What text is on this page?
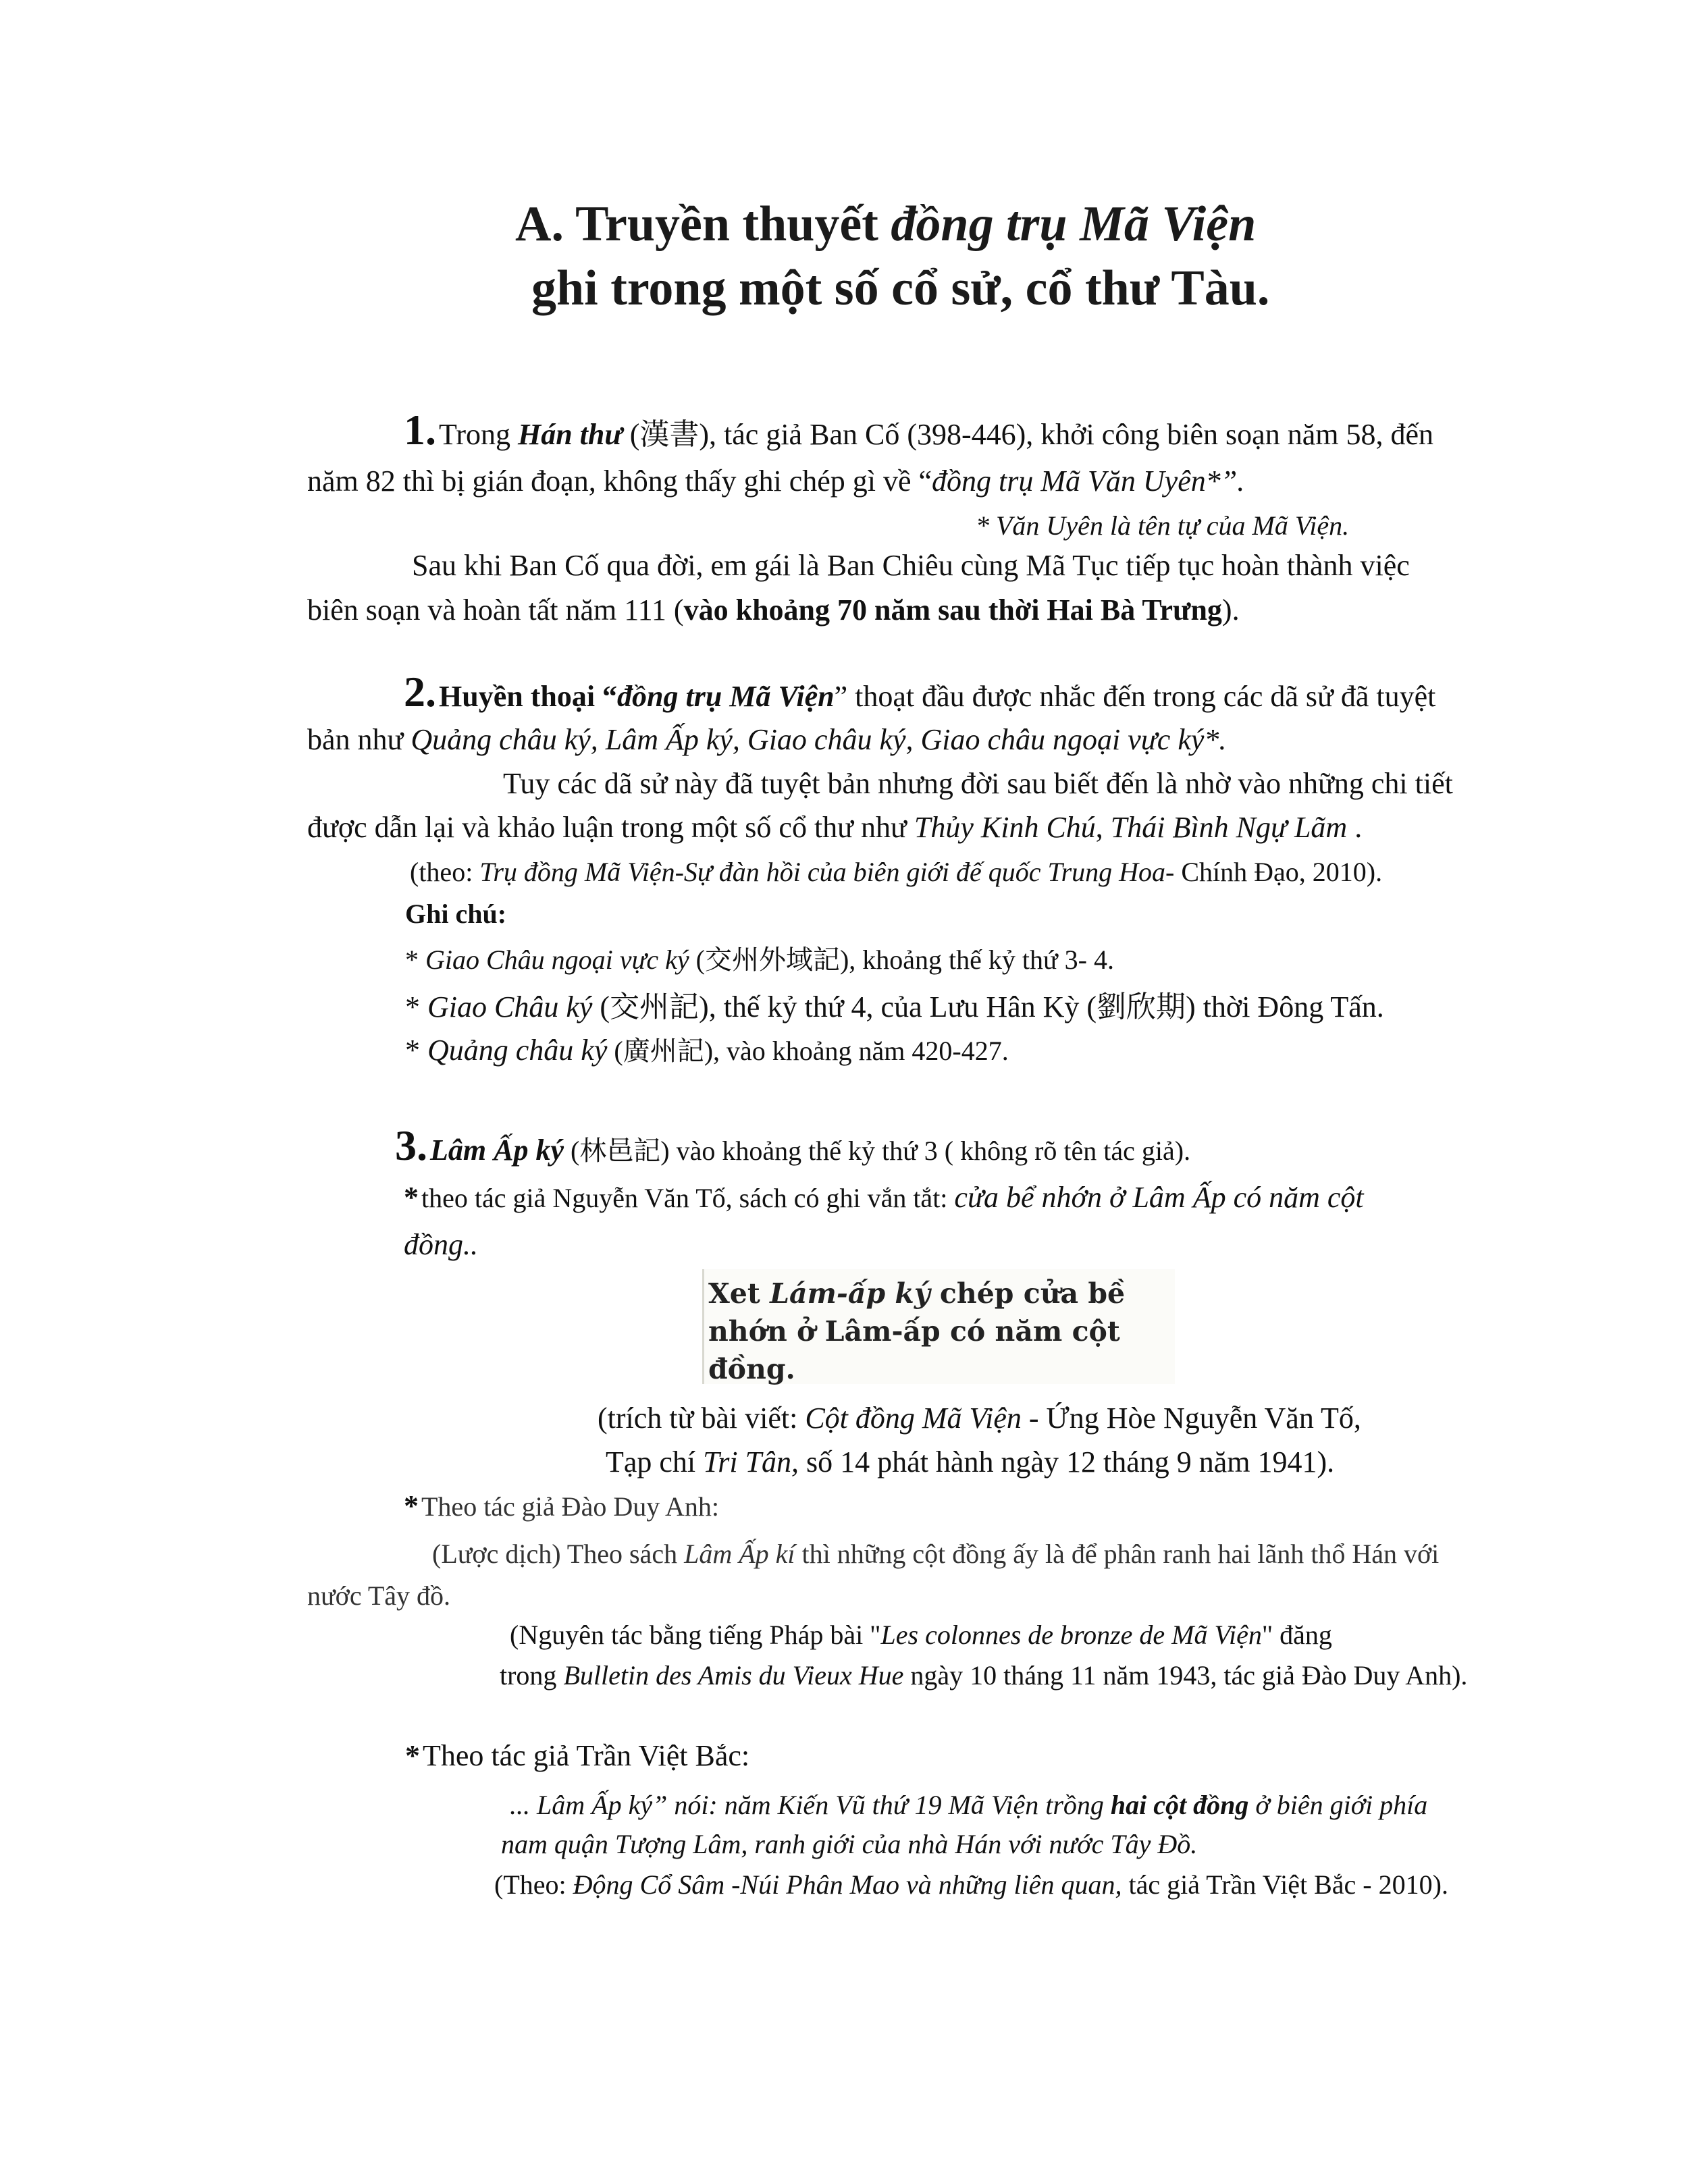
A. Truyền thuyết đồng trụ Mã Viện
ghi trong một số cổ sử, cổ thư Tàu.
1. Trong Hán thư (漢書), tác giả Ban Cố (398-446), khởi công biên soạn năm 58, đến
năm 82 thì bị gián đoạn, không thấy ghi chép gì về “đồng trụ Mã Văn Uyên*”.
* Văn Uyên là tên tự của Mã Viện.
Sau khi Ban Cố qua đời, em gái là Ban Chiêu cùng Mã Tục tiếp tục hoàn thành việc
biên soạn và hoàn tất năm 111 (vào khoảng 70 năm sau thời Hai Bà Trưng).
2. Huyền thoại “đồng trụ Mã Viện” thoạt đầu được nhắc đến trong các dã sử đã tuyệt
bản như Quảng châu ký, Lâm Ấp ký, Giao châu ký, Giao châu ngoại vực ký*.
Tuy các dã sử này đã tuyệt bản nhưng đời sau biết đến là nhờ vào những chi tiết
được dẫn lại và khảo luận trong một số cổ thư như Thủy Kinh Chú, Thái Bình Ngự Lãm .
(theo: Trụ đồng Mã Viện-Sự đàn hồi của biên giới đế quốc Trung Hoa- Chính Đạo, 2010).
Ghi chú:
* Giao Châu ngoại vực ký (交州外域記), khoảng thế kỷ thứ 3- 4.
* Giao Châu ký (交州記), thế kỷ thứ 4, của Lưu Hân Kỳ (劉欣期) thời Đông Tấn.
* Quảng châu ký (廣州記), vào khoảng năm 420-427.
3. Lâm Ấp ký (林邑記) vào khoảng thế kỷ thứ 3 ( không rõ tên tác giả).
* theo tác giả Nguyễn Văn Tố, sách có ghi vắn tắt: cửa bể nhớn ở Lâm Ấp có năm cột
đồng..
Xet Lám-ấp ký chép cửa bề
nhớn ở Lâm-ấp có năm cột
đồng.
(trích từ bài viết: Cột đồng Mã Viện - Ứng Hòe Nguyễn Văn Tố,
Tạp chí Tri Tân, số 14 phát hành ngày 12 tháng 9 năm 1941).
* Theo tác giả Đào Duy Anh:
(Lược dịch) Theo sách Lâm Ấp kí thì những cột đồng ấy là để phân ranh hai lãnh thổ Hán với
nước Tây đồ.
(Nguyên tác bằng tiếng Pháp bài "Les colonnes de bronze de Mã Viện" đăng
trong Bulletin des Amis du Vieux Hue ngày 10 tháng 11 năm 1943, tác giả Đào Duy Anh).
* Theo tác giả Trần Việt Bắc:
... Lâm Ấp ký” nói: năm Kiến Vũ thứ 19 Mã Viện trồng hai cột đồng ở biên giới phía
nam quận Tượng Lâm, ranh giới của nhà Hán với nước Tây Đồ.
(Theo: Động Cổ Sâm -Núi Phân Mao và những liên quan, tác giả Trần Việt Bắc - 2010).
